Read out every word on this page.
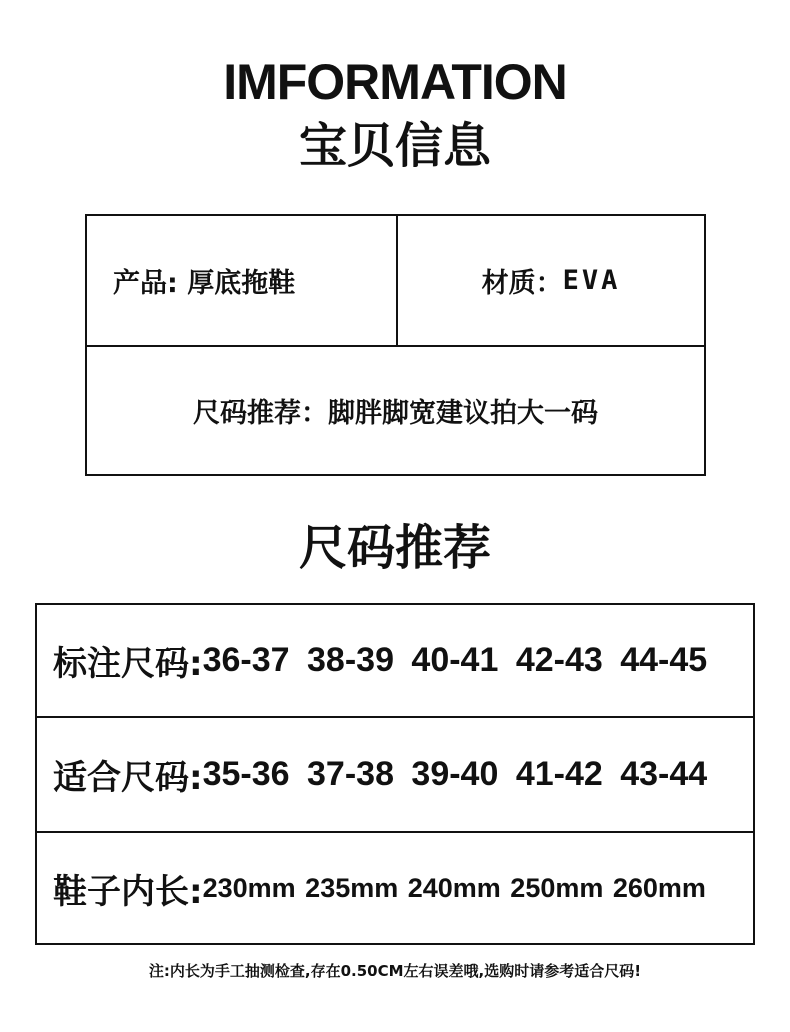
IMFORMATION
宝贝信息
产品: 厚底拖鞋	材质： EVA
尺码推荐：脚胖脚宽建议拍大一码
尺码推荐
标注尺码: 36-37 38-39 40-41 42-43 44-45
适合尺码: 35-36 37-38 39-40 41-42 43-44
鞋子内长: 230mm 235mm 240mm 250mm 260mm
注:内长为手工抽测检查,存在0.50CM左右误差哦,选购时请参考适合尺码!
